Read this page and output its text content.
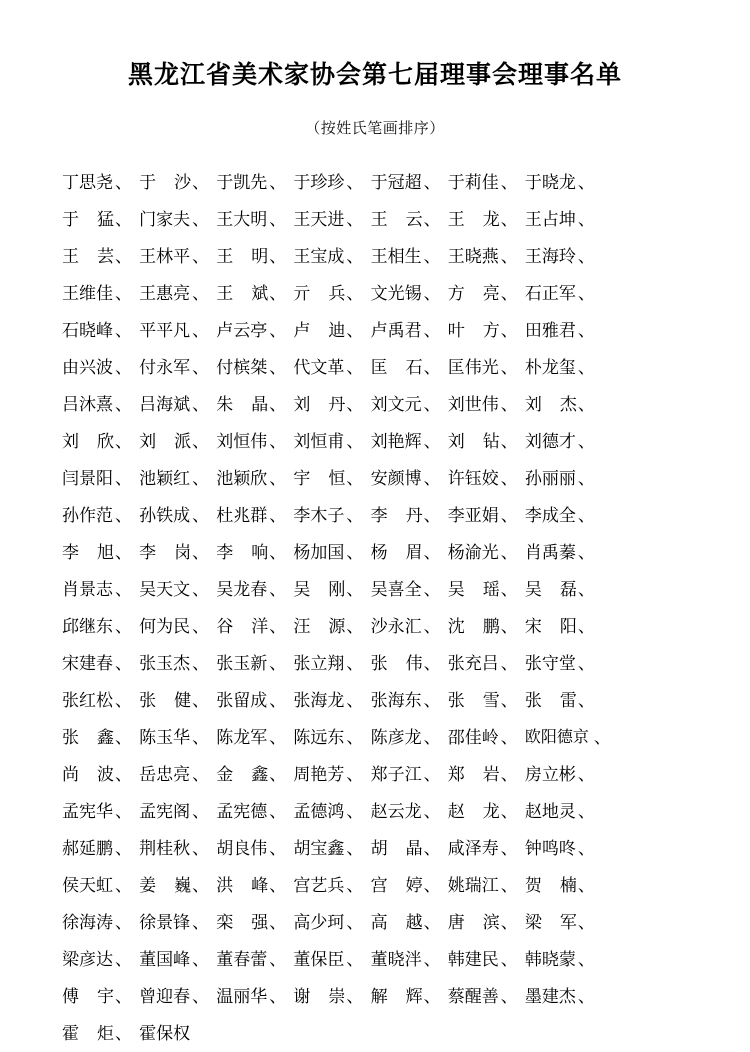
黑龙江省美术家协会第七届理事会理事名单

（按姓氏笔画排序）

丁 思 尧 、 于 沙 、 于 凯 先 、 于 珍 珍 、 于 冠 超 、 于 莉 佳 、 于 晓 龙 、
于 猛 、 门 家 夫 、 王 大 明 、 王 天 进 、 王 云 、 王 龙 、 王 占 坤 、
王 芸 、 王 林 平 、 王 明 、 王 宝 成 、 王 相 生 、 王 晓 燕 、 王 海 玲 、
王 维 佳 、 王 惠 亮 、 王 斌 、 亓 兵 、 文 光 锡 、 方 亮 、 石 正 军 、
石 晓 峰 、 平 平 凡 、 卢 云 亭 、 卢 迪 、 卢 禹 君 、 叶 方 、 田 雅 君 、
由 兴 波 、 付 永 军 、 付 槟 桀 、 代 文 革 、 匡 石 、 匡 伟 光 、 朴 龙 玺 、
吕 沐 熹 、 吕 海 斌 、 朱 晶 、 刘 丹 、 刘 文 元 、 刘 世 伟 、 刘 杰 、
刘 欣 、 刘 派 、 刘 恒 伟 、 刘 恒 甫 、 刘 艳 辉 、 刘 钻 、 刘 德 才 、
闫 景 阳 、 池 颖 红 、 池 颖 欣 、 宇 恒 、 安 颜 博 、 许 钰 姣 、 孙 丽 丽 、
孙 作 范 、 孙 铁 成 、 杜 兆 群 、 李 木 子 、 李 丹 、 李 亚 娟 、 李 成 全 、
李 旭 、 李 岗 、 李 响 、 杨 加 国 、 杨 眉 、 杨 渝 光 、 肖 禹 蓁 、
肖 景 志 、 吴 天 文 、 吴 龙 春 、 吴 刚 、 吴 喜 全 、 吴 瑶 、 吴 磊 、
邱 继 东 、 何 为 民 、 谷 洋 、 汪 源 、 沙 永 汇 、 沈 鹏 、 宋 阳 、
宋 建 春 、 张 玉 杰 、 张 玉 新 、 张 立 翔 、 张 伟 、 张 充 吕 、 张 守 堂 、
张 红 松 、 张 健 、 张 留 成 、 张 海 龙 、 张 海 东 、 张 雪 、 张 雷 、
张 鑫 、 陈 玉 华 、 陈 龙 军 、 陈 远 东 、 陈 彦 龙 、 邵 佳 岭 、 欧 阳 德 京 、
尚 波 、 岳 忠 亮 、 金 鑫 、 周 艳 芳 、 郑 子 江 、 郑 岩 、 房 立 彬 、
孟 宪 华 、 孟 宪 阁 、 孟 宪 德 、 孟 德 鸿 、 赵 云 龙 、 赵 龙 、 赵 地 灵 、
郝 延 鹏 、 荆 桂 秋 、 胡 良 伟 、 胡 宝 鑫 、 胡 晶 、 咸 泽 寿 、 钟 鸣 咚 、
侯 天 虹 、 姜 巍 、 洪 峰 、 宫 艺 兵 、 宫 婷 、 姚 瑞 江 、 贺 楠 、
徐 海 涛 、 徐 景 锋 、 栾 强 、 高 少 珂 、 高 越 、 唐 滨 、 梁 军 、
梁 彦 达 、 董 国 峰 、 董 春 蕾 、 董 保 臣 、 董 晓 泮 、 韩 建 民 、 韩 晓 蒙 、
傅 宇 、 曾 迎 春 、 温 丽 华 、 谢 崇 、 解 辉 、 蔡 醒 善 、 墨 建 杰 、
霍 炬 、 霍 保 权
